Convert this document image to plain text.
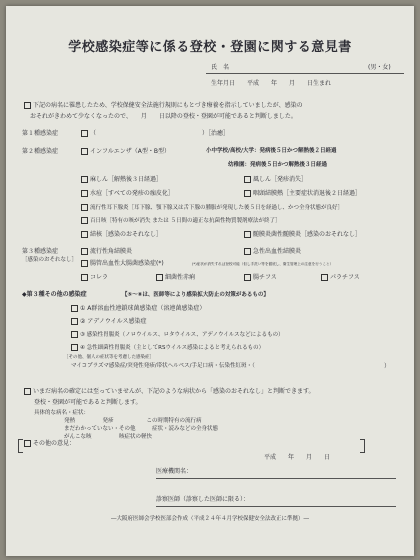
学校感染症等に係る登校・登園に関する意見書
氏　名	(男・女)
生年月日　　平成　　年　　月　　日生まれ
下記の病名に罹患したため、学校保健安全法施行規則にもとづき療養を指示していましたが、感染の
おそれがきわめて少なくなったので、　　月　　日以降の登校・登園が可能であると判断しました。
第１種感染症	（	）［治癒］
第２種感染症	インフルエンザ（A型・B型）	小中学校/高校/大学：発病後５日かつ解熱後２日経過
幼稚園：発病後５日かつ解熱後３日経過
麻しん［解熱後３日経過］	風しん［発疹消失］
水痘［すべての発疹の痂皮化］	咽頭結膜熱［主要症状消退後２日経過］
流行性耳下腺炎［耳下腺、顎下腺又は舌下腺の腫脹が発現した後５日を経過し、かつ全身状態が良好］
百日咳［特有の咳が消失 または ５日間の適正な抗菌性物質製剤療法が終了］
結核［感染のおそれなし］	髄膜炎菌性髄膜炎［感染のおそれなし］
第３種感染症
［感染のおそれなし］
流行性角結膜炎	急性出血性結膜炎
腸管出血性大腸菌感染症(*)	(*)症状が消失すれば登校可能（但し手洗い等を徹底し、衛生管理上の注意を行うこと）
コレラ	細菌性赤痢	腸チフス	パラチフス
◆第３種その他の感染症	【⑤～⑧は、医師等により感染拡大防止の対策があるもの】
① A群溶血性連鎖球菌感染症（溶連菌感染症）
② アデノウイルス感染症
③ 感染性胃腸炎（ノロウイルス、ロタウイルス、アデノウイルスなどによるもの）
④ 急性細菌性胃腸炎（主としてRSウイルス感染によると考えられるもの）
［その他、個人の症状等を考慮した感染症］
マイコプラズマ感染症/突発性発疹/帯状ヘルペス/手足口病・伝染性紅斑・（	）
いまだ病名の確定には至っていませんが、下記のような病状から「感染のおそれなし」と判断できます。
登校・登園が可能であると判断します。
具体的な病名・症状：
発熱　　　　　発疹　　　　　　この時期特有の流行病
まだわかっていない・その他　　　症状・読みなどの全身状態
がんこな咳　　　　　咳症状の軽快
その他の意見：
平成　　年　　月　　日
医療機関名：
診察医師（診察した医師に限る）：
―大阪府医師会学校医部会作成（平成２４年４月学校保健安全法改正に準拠）―
